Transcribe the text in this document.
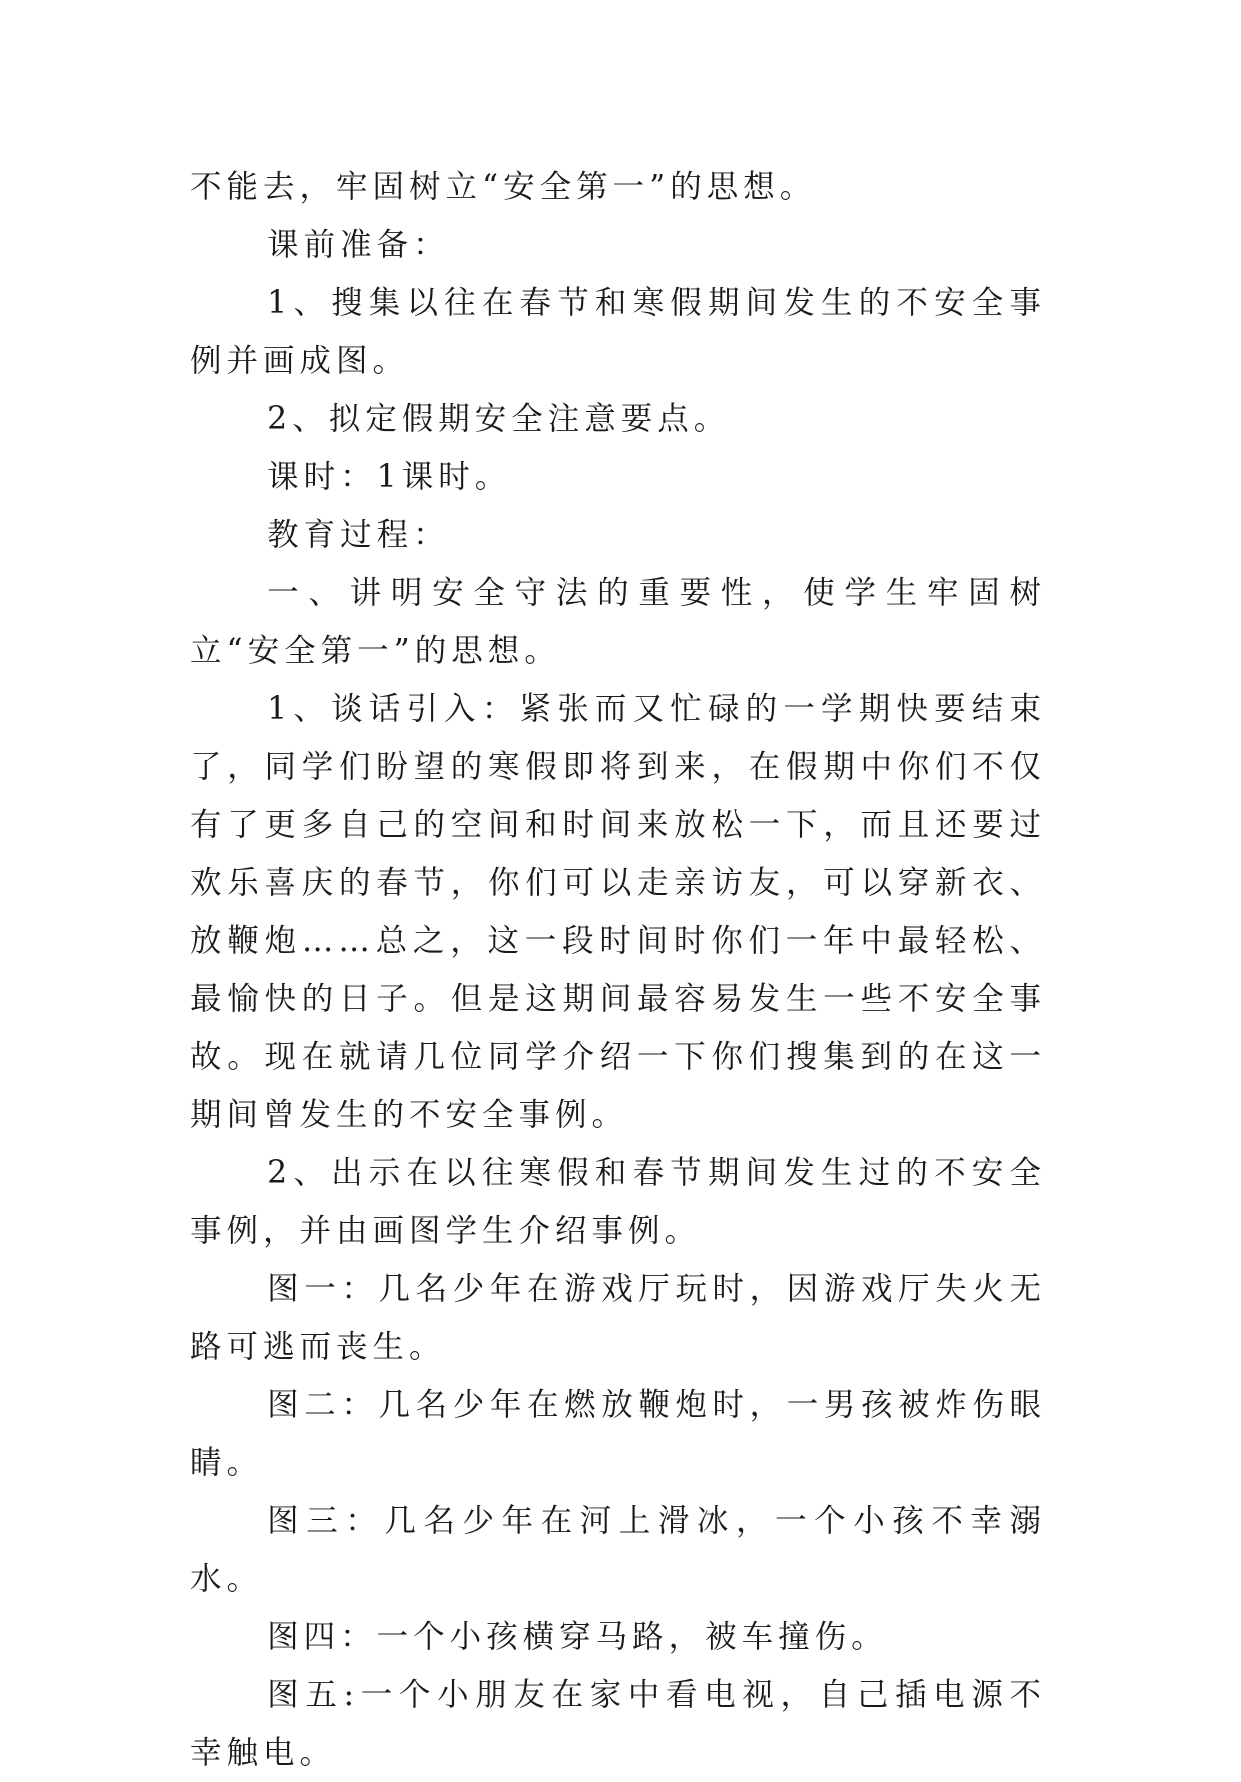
不能去，牢固树立“安全第一”的思想。

课前准备：

1、搜集以往在春节和寒假期间发生的不安全事例并画成图。

2、拟定假期安全注意要点。

课时：1课时。

教育过程：

一、讲明安全守法的重要性，使学生牢固树立“安全第一”的思想。

1、谈话引入：紧张而又忙碌的一学期快要结束了，同学们盼望的寒假即将到来，在假期中你们不仅有了更多自己的空间和时间来放松一下，而且还要过欢乐喜庆的春节，你们可以走亲访友，可以穿新衣、放鞭炮……总之，这一段时间时你们一年中最轻松、最愉快的日子。但是这期间最容易发生一些不安全事故。现在就请几位同学介绍一下你们搜集到的在这一期间曾发生的不安全事例。

2、出示在以往寒假和春节期间发生过的不安全事例，并由画图学生介绍事例。

图一：几名少年在游戏厅玩时，因游戏厅失火无路可逃而丧生。

图二：几名少年在燃放鞭炮时，一男孩被炸伤眼睛。

图三：几名少年在河上滑冰，一个小孩不幸溺水。

图四：一个小孩横穿马路，被车撞伤。

图五:一个小朋友在家中看电视，自己插电源不幸触电。
